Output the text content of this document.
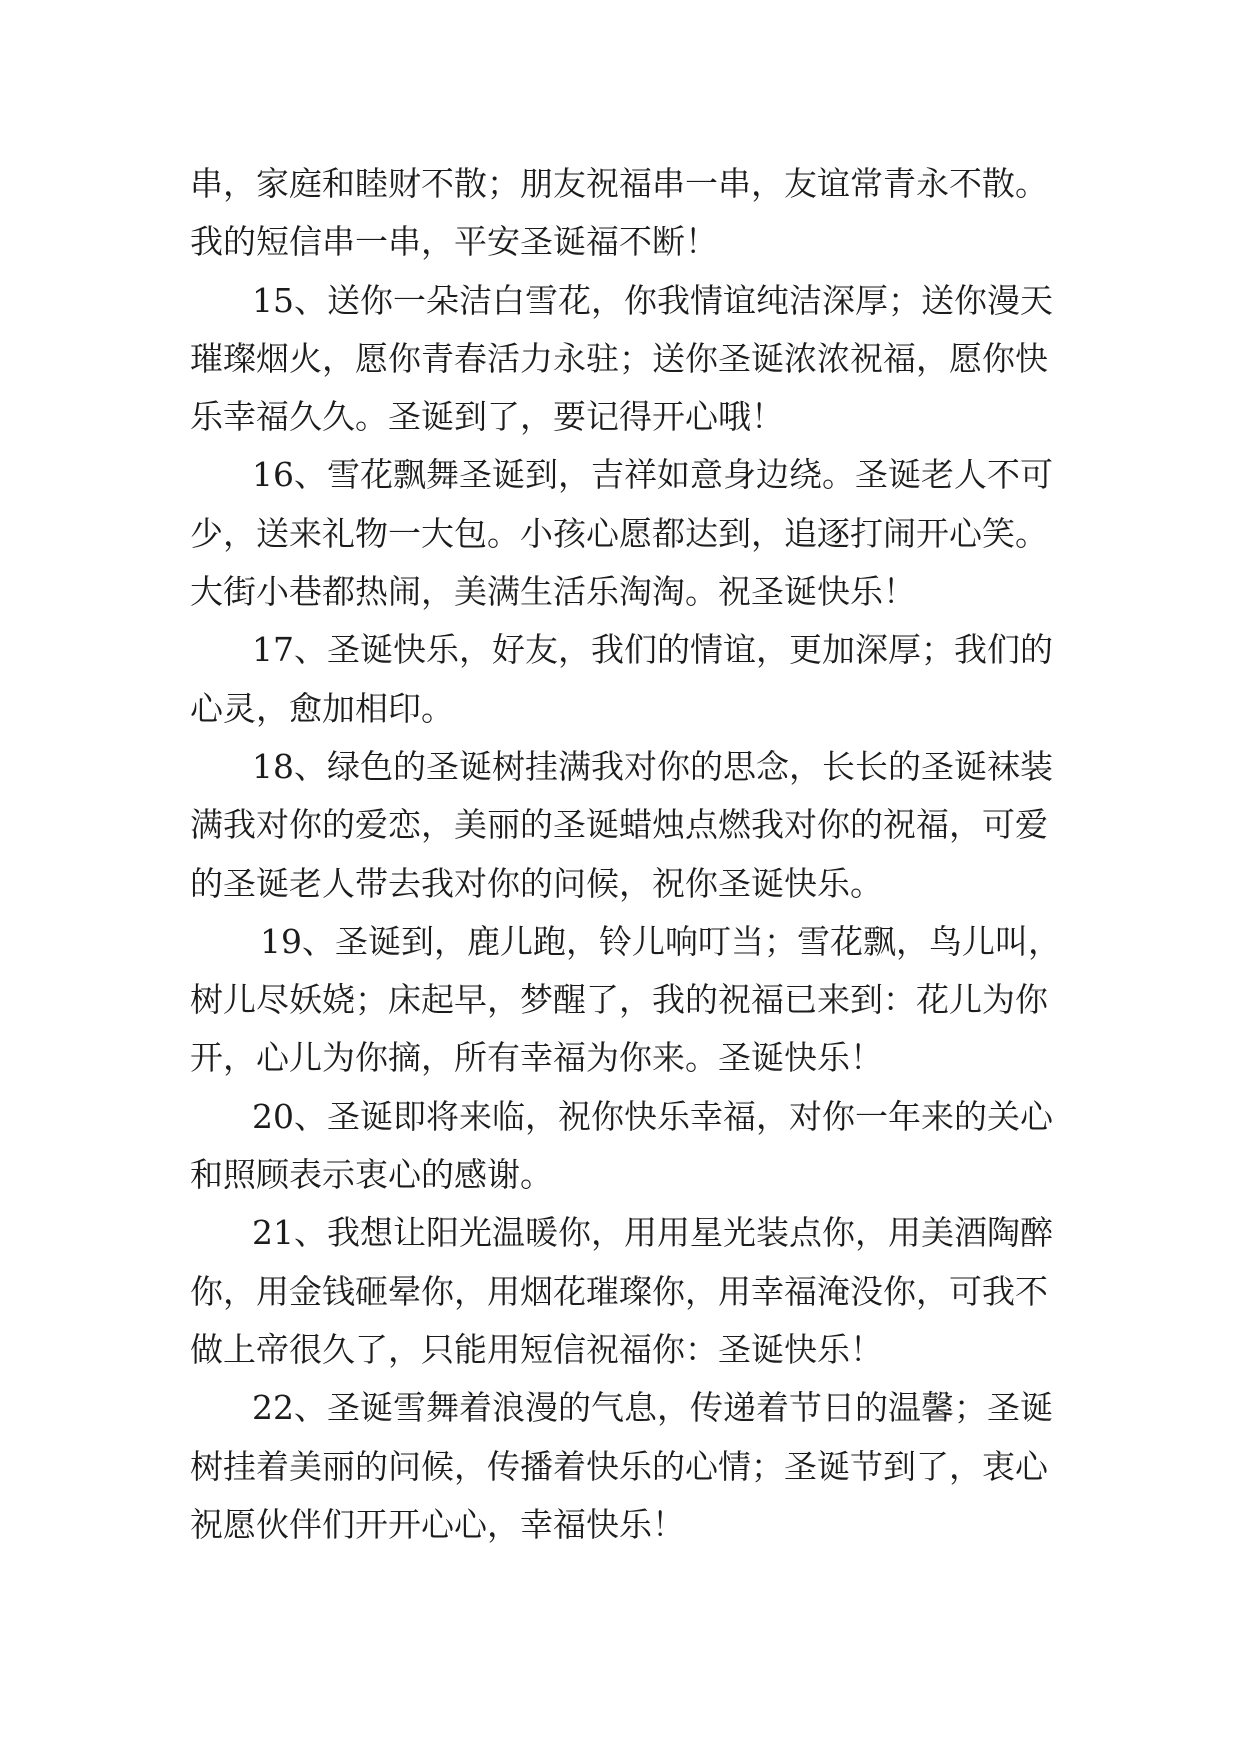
串，家庭和睦财不散；朋友祝福串一串，友谊常青永不散。
我的短信串一串，平安圣诞福不断！
15、送你一朵洁白雪花，你我情谊纯洁深厚；送你漫天
璀璨烟火，愿你青春活力永驻；送你圣诞浓浓祝福，愿你快
乐幸福久久。圣诞到了，要记得开心哦！
16、雪花飘舞圣诞到，吉祥如意身边绕。圣诞老人不可
少，送来礼物一大包。小孩心愿都达到，追逐打闹开心笑。
大街小巷都热闹，美满生活乐淘淘。祝圣诞快乐！
17、圣诞快乐，好友，我们的情谊，更加深厚；我们的
心灵，愈加相印。
18、绿色的圣诞树挂满我对你的思念，长长的圣诞袜装
满我对你的爱恋，美丽的圣诞蜡烛点燃我对你的祝福，可爱
的圣诞老人带去我对你的问候，祝你圣诞快乐。
19、圣诞到，鹿儿跑，铃儿响叮当；雪花飘，鸟儿叫，
树儿尽妖娆；床起早，梦醒了，我的祝福已来到：花儿为你
开，心儿为你摘，所有幸福为你来。圣诞快乐！
20、圣诞即将来临，祝你快乐幸福，对你一年来的关心
和照顾表示衷心的感谢。
21、我想让阳光温暖你，用用星光装点你，用美酒陶醉
你，用金钱砸晕你，用烟花璀璨你，用幸福淹没你，可我不
做上帝很久了，只能用短信祝福你：圣诞快乐！
22、圣诞雪舞着浪漫的气息，传递着节日的温馨；圣诞
树挂着美丽的问候，传播着快乐的心情；圣诞节到了，衷心
祝愿伙伴们开开心心，幸福快乐！
